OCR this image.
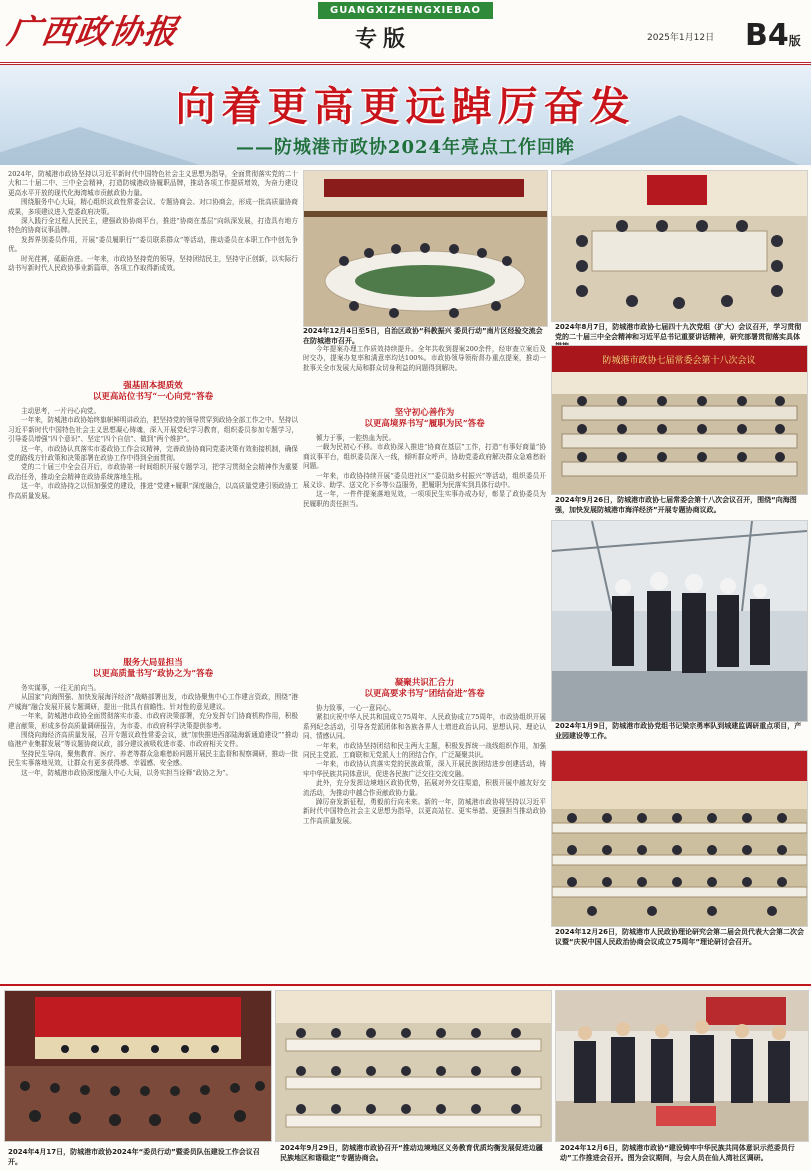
广西政协报
GUANGXIZHENGXIEBAO
专版	2025年1月12日 B4版
向着更高更远踔厉奋发
——防城港市政协2024年亮点工作回眸

2024年，防城港市政协坚持以习近平新时代中国特色社会主义思想为指导，全面贯彻落实党的二十大和二十届二中、三中全会精神，打造防城港政协履职品牌，推动各项工作提质增效，为奋力建设更高水平开放的现代化海湾城市贡献政协力量。

围绕服务中心大局，精心组织议政性常委会议、专题协商会、对口协商会，形成一批高质量协商成果，多项建议进入党委政府决策。

深入践行全过程人民民主，建强政协协商平台，推进“协商在基层”向纵深发展，打造具有地方特色的协商议事品牌。

发挥界别委员作用，开展“委员履职行”“委员联系群众”等活动，推动委员在本职工作中创先争优。

时光荏苒，砥砺奋进。一年来，市政协坚持党的领导，坚持团结民主，坚持守正创新，以实际行动书写新时代人民政协事业新篇章，各项工作取得新成效。

2024年12月4日至5日，自治区政协“科教振兴 委员行动”南片区经验交流会在防城港市召开。
2024年8月7日，防城港市政协七届四十九次党组（扩大）会议召开，学习贯彻党的二十届三中全会精神和习近平总书记重要讲话精神，研究部署贯彻落实具体
强基固本提质效
以更高站位书写“一心向党”答卷

主动思考，一片丹心向党。

一年来，防城港市政协始终旗帜鲜明讲政治，把坚持党的领导贯穿到政协全部工作之中。坚持以习近平新时代中国特色社会主义思想凝心铸魂，深入开展党纪学习教育，组织委员参加专题学习，引导委员增强“四个意识”、坚定“四个自信”、做到“两个维护”。

这一年，市政协认真落实市委政协工作会议精神，完善政协协商同党委决策有效衔接机制，确保党的路线方针政策和决策部署在政协工作中得到全面贯彻。

党的二十届三中全会召开后，市政协第一时间组织开展专题学习，把学习贯彻全会精神作为重要政治任务，推动全会精神在政协系统落地生根。

这一年，市政协持之以恒加强党的建设，推进“党建+履职”深度融合，以高质量党建引领政协工作高质量发展。

服务大局显担当
以更高质量书写“政协之为”答卷

务实谋事，一往无前向当。

从国家“向海图强、加快发展海洋经济”战略部署出发，市政协聚焦中心工作建言资政，围绕“港产城海”融合发展开展专题调研，提出一批具有前瞻性、针对性的意见建议。

一年来，防城港市政协全面贯彻落实市委、市政府决策部署，充分发挥专门协商机构作用，积极建言献策，形成多份高质量调研报告，为市委、市政府科学决策提供参考。

围绕向海经济高质量发展，召开专题议政性常委会议，就“加快推进西部陆海新通道建设”“推动临港产业集群发展”等议题协商议政，部分建议被吸收进市委、市政府相关文件。

坚持民生导向，聚焦教育、医疗、养老等群众急难愁盼问题开展民主监督和视察调研，推动一批民生实事落地见效，让群众有更多获得感、幸福感、安全感。

这一年，防城港市政协深度融入中心大局，以务实担当诠释“政协之为”。

今年提案办理工作质效持续提升。全年共收到提案200余件，经审查立案后及时交办，提案办复率和满意率均达100%。市政协领导领衔督办重点提案，推动一批事关全市发展大局和群众切身利益的问题得到解决。

坚守初心善作为
以更高境界书写“履职为民”答卷

倾力于事，一腔热血为民。

一载为民初心不移。市政协深入推进“协商在基层”工作，打造“有事好商量”协商议事平台，组织委员深入一线，倾听群众呼声，协助党委政府解决群众急难愁盼问题。

一年来，市政协持续开展“委员进社区”“委员助乡村振兴”等活动，组织委员开展义诊、助学、送文化下乡等公益服务，把履职为民落实到具体行动中。

这一年，一件件提案落地见效，一项项民生实事办成办好，彰显了政协委员为民履职的责任担当。

凝聚共识汇合力
以更高要求书写“团结奋进”答卷

协力致事，一心一意同心。

紧扣庆祝中华人民共和国成立75周年、人民政协成立75周年，市政协组织开展系列纪念活动，引导各党派团体和各族各界人士增进政治认同、思想认同、理论认同、情感认同。

一年来，市政协坚持团结和民主两大主题，积极发挥统一战线组织作用，加强同民主党派、工商联和无党派人士的团结合作，广泛凝聚共识。

一年来，市政协认真落实党的民族政策，深入开展民族团结进步创建活动，铸牢中华民族共同体意识，促进各民族广泛交往交流交融。

此外，充分发挥边境地区政协优势，拓展对外交往渠道，积极开展中越友好交流活动，为推动中越合作贡献政协力量。

踔厉奋发新征程，勇毅前行向未来。新的一年，防城港市政协将坚持以习近平新时代中国特色社会主义思想为指导，以更高站位、更实举措、更强担当推动政协工作高质量发展。

防城港市政协七届常委会第十八次会议
2024年9月26日，防城港市政协七届常委会第十八次会议召开，围绕“向海图强，加快发展防城港市海洋经济”开展专题协商议政。
2024年1月9日，防城港市政协党组书记梁宗勇率队到城建监调研重点项目，产业园建设等工作。
2024年12月26日，防城港市人民政协理论研究会第二届会员代表大会第二次会议暨“庆祝中国人民政治协商会议成立75周年”理论研讨会召开。
2024年4月17日，防城港市政协2024年“委员行动”暨委员队伍建设工作会议召开。
2024年9月29日，防城港市政协召开“推动边境地区义务教育优质均衡发展促进边疆民族地区和谐稳定”专题协商会。
2024年12月6日，防城港市政协“建设铸牢中华民族共同体意识示范委员行动”工作推进会召开。图为会议期间，与会人员在仙人湾社区调研。
